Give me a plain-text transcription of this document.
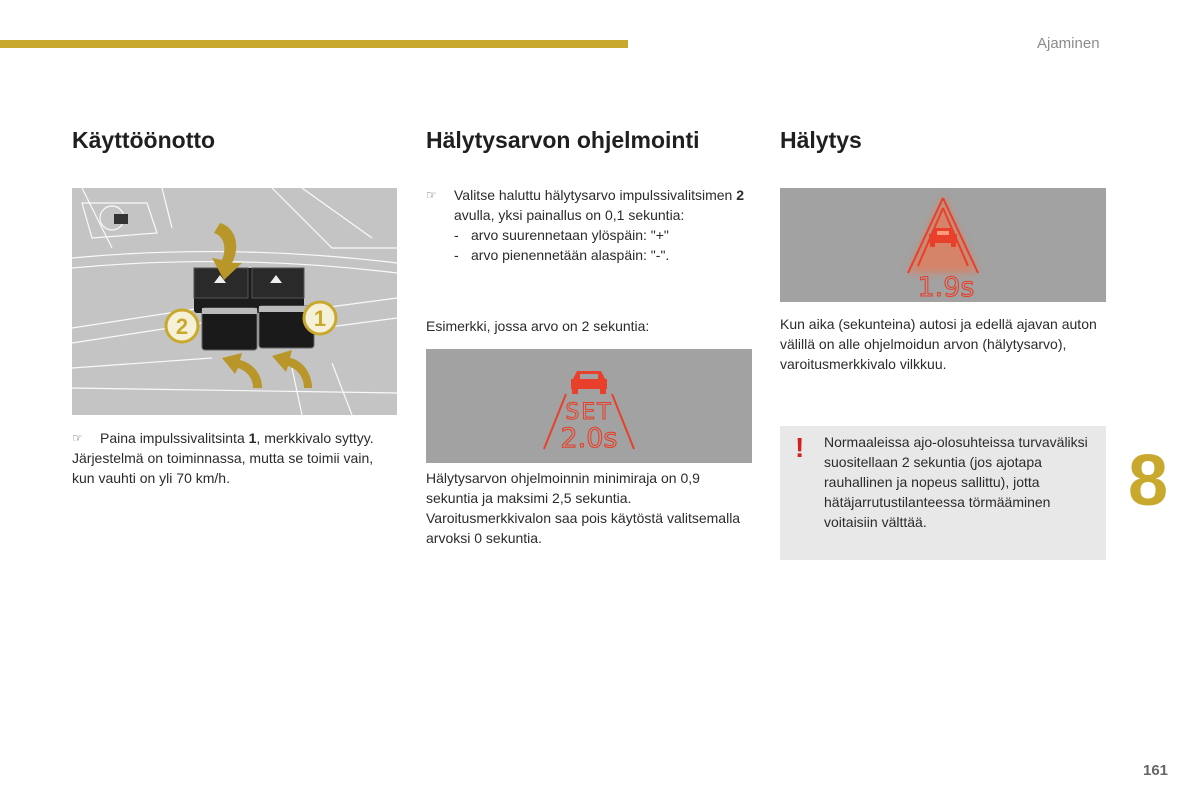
Ajaminen
Käyttöönotto
2	1

☞ Paina impulssivalitsinta 1, merkkivalo syttyy.

Järjestelmä on toiminnassa, mutta se toimii vain, kun vauhti on yli 70 km/h.

Hälytysarvon ohjelmointi

☞ Valitse haluttu hälytysarvo impulssivalitsimen 2 avulla, yksi painallus on 0,1 sekuntia:

- arvo suurennetaan ylöspäin: "+"

- arvo pienennetään alaspäin: "-".

Esimerkki, jossa arvo on 2 sekuntia:
SET
2.0s
Hälytysarvon ohjelmoinnin minimiraja on 0,9 sekuntia ja maksimi 2,5 sekuntia. Varoitusmerkkivalon saa pois käytöstä valitsemalla arvoksi 0 sekuntia.
Hälytys
1.9s
Kun aika (sekunteina) autosi ja edellä ajavan auton välillä on alle ohjelmoidun arvon (hälytysarvo), varoitusmerkkivalo vilkkuu.
! Normaaleissa ajo-olosuhteissa turvaväliksi suositellaan 2 sekuntia (jos ajotapa rauhallinen ja nopeus sallittu), jotta hätäjarrutustilanteessa törmääminen voitaisiin välttää.
8
161
